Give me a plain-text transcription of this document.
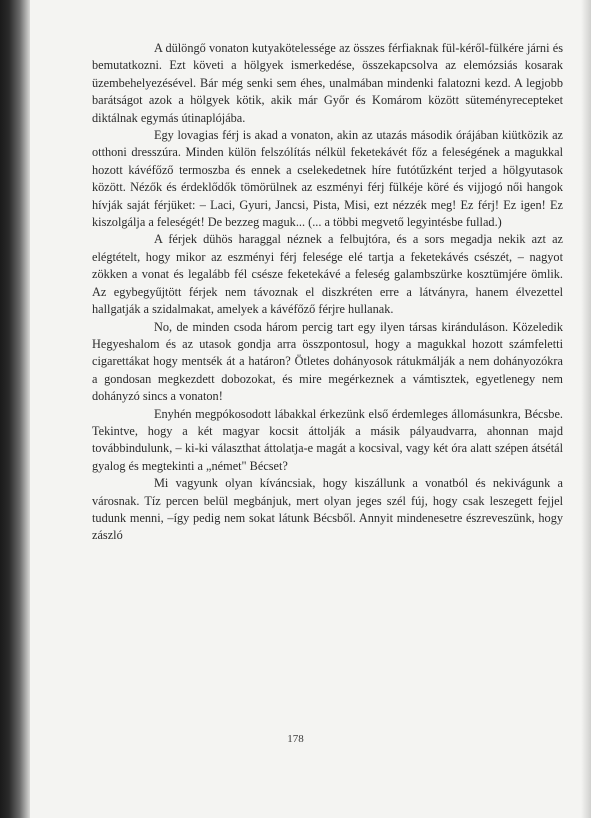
A dülöngő vonaton kutyakötelessége az összes férfiaknak fül-kéről-fülkére járni és bemutatkozni. Ezt követi a hölgyek ismerkedése, összekapcsolva az elemózsiás kosarak üzembehelyezésével. Bár még senki sem éhes, unalmában mindenki falatozni kezd. A legjobb barátságot azok a hölgyek kötik, akik már Győr és Komárom között süteményrecepteket diktálnak egymás útinaplójába.

Egy lovagias férj is akad a vonaton, akin az utazás második órájában kiütközik az otthoni dresszúra. Minden külön felszólítás nélkül feketekávét főz a feleségének a magukkal hozott kávéfőző termoszba és ennek a cselekedetnek híre futótűzként terjed a hölgyutasok között. Nézők és érdeklődők tömörülnek az eszményi férj fülkéje köré és vijjogó női hangok hívják saját férjüket: – Laci, Gyuri, Jancsi, Pista, Misi, ezt nézzék meg! Ez férj! Ez igen! Ez kiszolgálja a feleségét! De bezzeg maguk... (... a többi megvető legyintésbe fullad.)

A férjek dühös haraggal néznek a felbujtóra, és a sors megadja nekik azt az elégtételt, hogy mikor az eszményi férj felesége elé tartja a feketekávés csészét, – nagyot zökken a vonat és legalább fél csésze feketekávé a feleség galambszürke kosztümjére ömlik. Az egybegyűjtött férjek nem távoznak el diszkréten erre a látványra, hanem élvezettel hallgatják a szidalmakat, amelyek a kávéfőző férjre hullanak.

No, de minden csoda három percig tart egy ilyen társas kiránduláson. Közeledik Hegyeshalom és az utasok gondja arra összpontosul, hogy a magukkal hozott számfeletti cigarettákat hogy mentsék át a határon? Ötletes dohányosok rátukmálják a nem dohányozókra a gondosan megkezdett dobozokat, és mire megérkeznek a vámtisztek, egyetlenegy nem dohányzó sincs a vonaton!

Enyhén megpókosodott lábakkal érkezünk első érdemleges állomásunkra, Bécsbe. Tekintve, hogy a két magyar kocsit áttolják a másik pályaudvarra, ahonnan majd továbbindulunk, – ki-ki választhat áttolatja-e magát a kocsival, vagy két óra alatt szépen átsétál gyalog és megtekinti a „német" Bécset?

Mi vagyunk olyan kíváncsiak, hogy kiszállunk a vonatból és nekivágunk a városnak. Tíz percen belül megbánjuk, mert olyan jeges szél fúj, hogy csak leszegett fejjel tudunk menni, –így pedig nem sokat látunk Bécsből. Annyit mindenesetre észreveszünk, hogy zászló

178
